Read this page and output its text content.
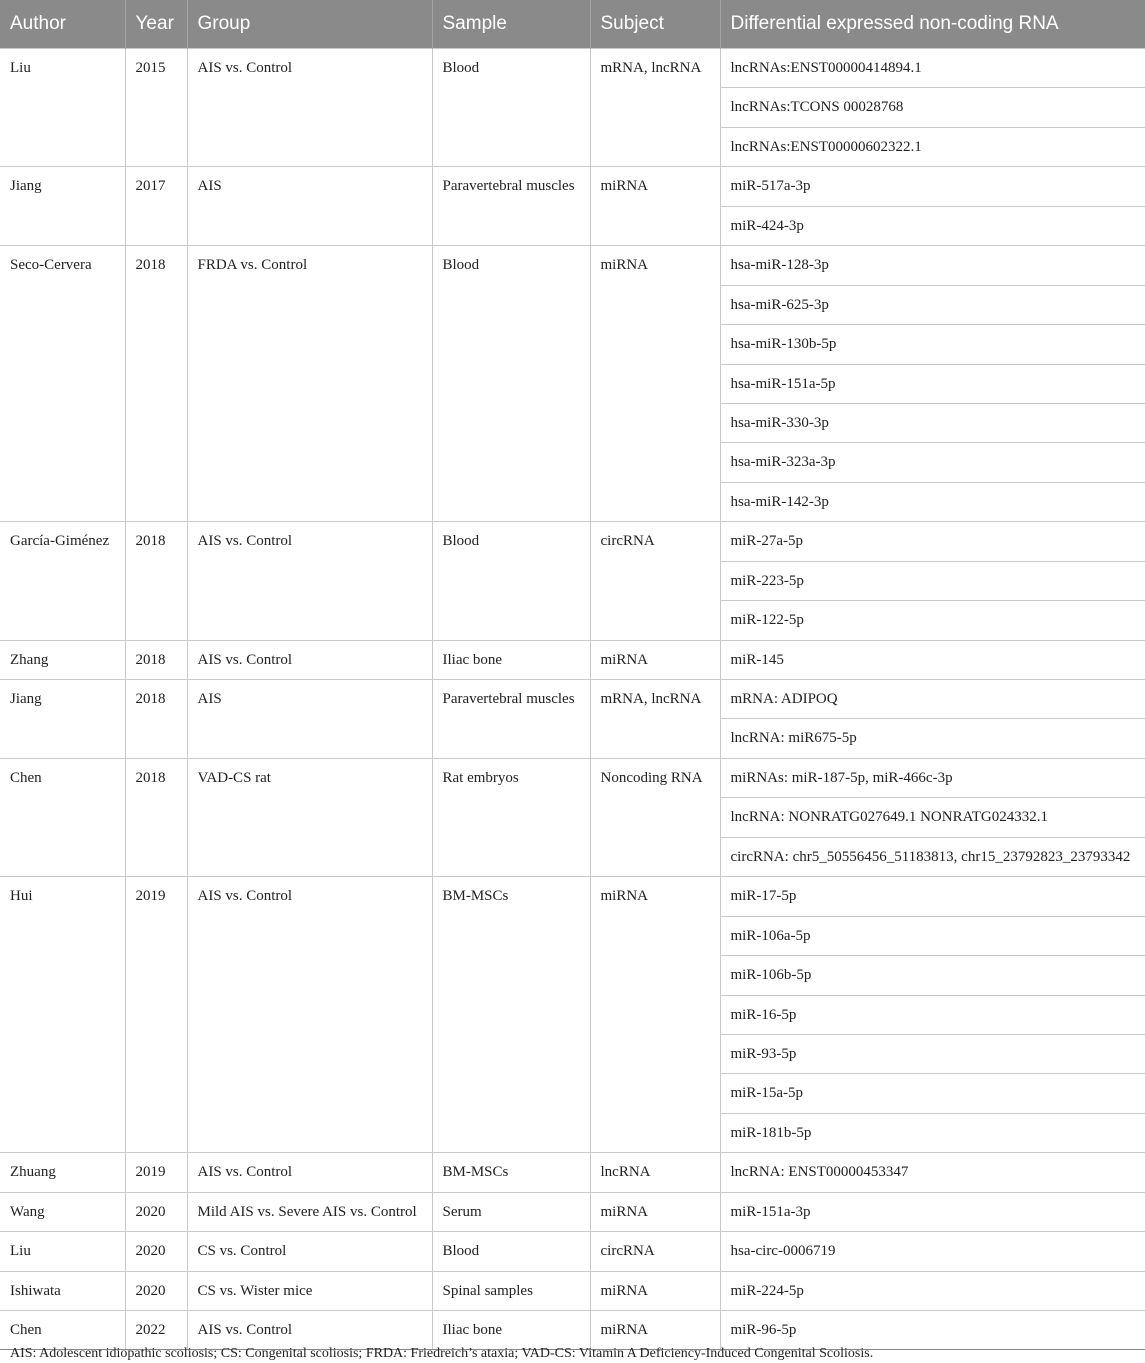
Author	Year	Group	Sample	Subject	Differential expressed non-coding RNA
Liu	2015	AIS vs. Control	Blood	mRNA, lncRNA	lncRNAs:ENST00000414894.1
					lncRNAs:TCONS 00028768
					lncRNAs:ENST00000602322.1
Jiang	2017	AIS	Paravertebral muscles	miRNA	miR-517a-3p
					miR-424-3p
Seco-Cervera	2018	FRDA vs. Control	Blood	miRNA	hsa-miR-128-3p
					hsa-miR-625-3p
					hsa-miR-130b-5p
					hsa-miR-151a-5p
					hsa-miR-330-3p
					hsa-miR-323a-3p
					hsa-miR-142-3p
García-Giménez	2018	AIS vs. Control	Blood	circRNA	miR-27a-5p
					miR-223-5p
					miR-122-5p
Zhang	2018	AIS vs. Control	Iliac bone	miRNA	miR-145
Jiang	2018	AIS	Paravertebral muscles	mRNA, lncRNA	mRNA: ADIPOQ
					lncRNA: miR675-5p
Chen	2018	VAD-CS rat	Rat embryos	Noncoding RNA	miRNAs: miR-187-5p, miR-466c-3p
					lncRNA: NONRATG027649.1 NONRATG024332.1
					circRNA: chr5_50556456_51183813, chr15_23792823_23793342
Hui	2019	AIS vs. Control	BM-MSCs	miRNA	miR-17-5p
					miR-106a-5p
					miR-106b-5p
					miR-16-5p
					miR-93-5p
					miR-15a-5p
					miR-181b-5p
Zhuang	2019	AIS vs. Control	BM-MSCs	lncRNA	lncRNA: ENST00000453347
Wang	2020	Mild AIS vs. Severe AIS vs. Control	Serum	miRNA	miR-151a-3p
Liu	2020	CS vs. Control	Blood	circRNA	hsa-circ-0006719
Ishiwata	2020	CS vs. Wister mice	Spinal samples	miRNA	miR-224-5p
Chen	2022	AIS vs. Control	Iliac bone	miRNA	miR-96-5p
AIS: Adolescent idiopathic scoliosis; CS: Congenital scoliosis; FRDA: Friedreich’s ataxia; VAD-CS: Vitamin A Deficiency-Induced Congenital Scoliosis.
